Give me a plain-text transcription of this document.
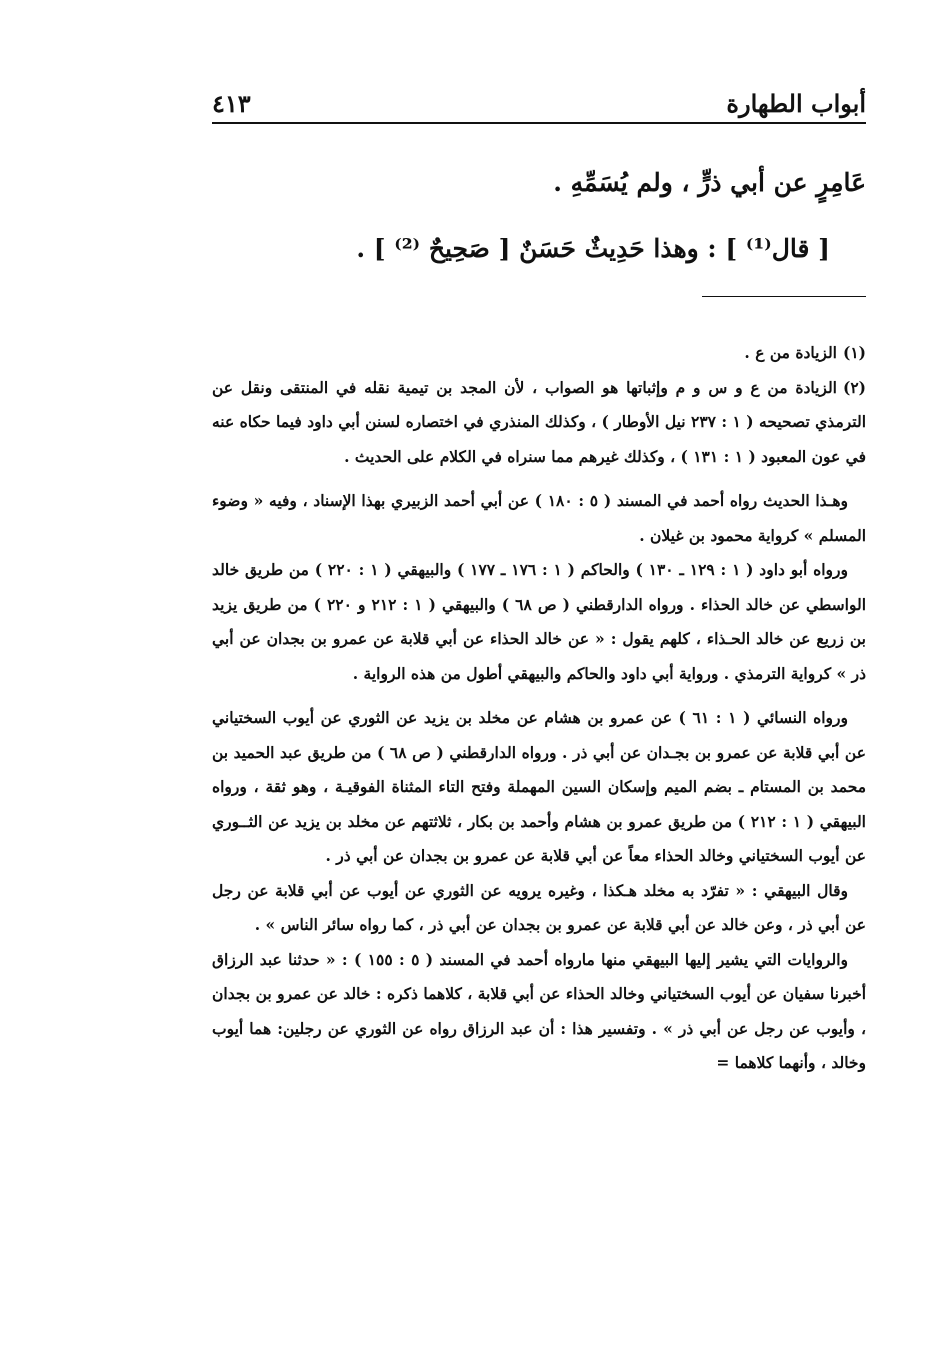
أبواب الطهارة
٤١٣

عَامِرٍ عن أبي ذرٍّ ، ولم يُسَمِّهِ .

[ قال⁽¹⁾ ] : وهذا حَدِيثٌ حَسَنٌ [ صَحِيحٌ ⁽²⁾ ] .

(١)الزيادة من ع .

(٢)الزيادة من ع و س و م وإثباتها هو الصواب ، لأن المجد بن تيمية نقله في المنتقى ونقل عن الترمذي تصحيحه ( ١ : ٢٣٧ نيل الأوطار ) ، وكذلك المنذري في اختصاره لسنن أبي داود فيما حكاه عنه في عون المعبود ( ١ : ١٣١ ) ، وكذلك غيرهم مما سنراه في الكلام على الحديث .

وهـذا الحديث رواه أحمد في المسند ( ٥ : ١٨٠ ) عن أبي أحمد الزبيري بهذا الإسناد ، وفيه « وضوء المسلم » كرواية محمود بن غيلان .

ورواه أبو داود ( ١ : ١٢٩ ـ ١٣٠ ) والحاكم ( ١ : ١٧٦ ـ ١٧٧ ) والبيهقي ( ١ : ٢٢٠ ) من طريق خالد الواسطي عن خالد الحذاء . ورواه الدارقطني ( ص ٦٨ ) والبيهقي ( ١ : ٢١٢ و ٢٢٠ ) من طريق يزيد بن زريع عن خالد الحـذاء ، كلهم يقول : « عن خالد الحذاء عن أبي قلابة عن عمرو بن بجدان عن أبي ذر » كرواية الترمذي . ورواية أبي داود والحاكم والبيهقي أطول من هذه الرواية .

ورواه النسائي ( ١ : ٦١ ) عن عمرو بن هشام عن مخلد بن يزيد عن الثوري عن أيوب السختياني عن أبي قلابة عن عمرو بن بجـدان عن أبي ذر . ورواه الدارقطني ( ص ٦٨ ) من طريق عبد الحميد بن محمد بن المستام ـ بضم الميم وإسكان السين المهملة وفتح التاء المثناة الفوقيـة ، وهو ثقة ، ورواه البيهقي ( ١ : ٢١٢ ) من طريق عمرو بن هشام وأحمد بن بكار ، ثلاثتهم عن مخلد بن يزيد عن الثــوري عن أيوب السختياني وخالد الحذاء معاً عن أبي قلابة عن عمرو بن بجدان عن أبي ذر .

وقال البيهقي : « تفرّد به مخلد هـكذا ، وغيره يرويه عن الثوري عن أيوب عن أبي قلابة عن رجل عن أبي ذر ، وعن خالد عن أبي قلابة عن عمرو بن بجدان عن أبي ذر ، كما رواه سائر الناس » .

والروايات التي يشير إليها البيهقي منها مارواه أحمد في المسند ( ٥ : ١٥٥ ) : « حدثنا عبد الرزاق أخبرنا سفيان عن أيوب السختياني وخالد الحذاء عن أبي قلابة ، كلاهما ذكره : خالد عن عمرو بن بجدان ، وأيوب عن رجل عن أبي ذر » . وتفسير هذا : أن عبد الرزاق رواه عن الثوري عن رجلين: هما أيوب وخالد ، وأنهما كلاهما =
